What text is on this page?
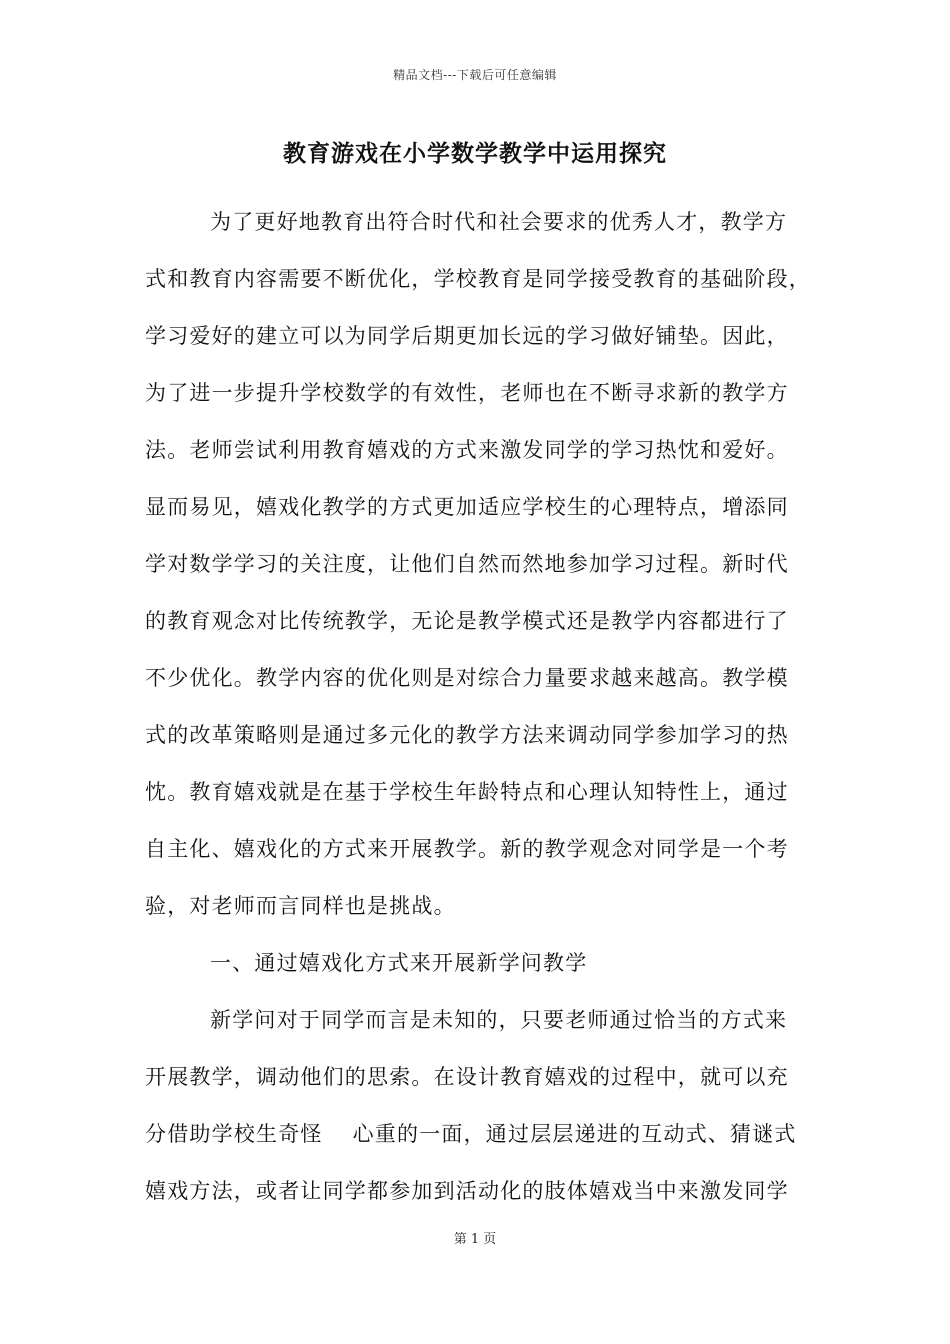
精品文档---下载后可任意编辑
教育游戏在小学数学教学中运用探究
为了更好地教育出符合时代和社会要求的优秀人才，教学方
式和教育内容需要不断优化，学校教育是同学接受教育的基础阶段，
学习爱好的建立可以为同学后期更加长远的学习做好铺垫。因此，
为了进一步提升学校数学的有效性，老师也在不断寻求新的教学方
法。老师尝试利用教育嬉戏的方式来激发同学的学习热忱和爱好。
显而易见，嬉戏化教学的方式更加适应学校生的心理特点，增添同
学对数学学习的关注度，让他们自然而然地参加学习过程。新时代
的教育观念对比传统教学，无论是教学模式还是教学内容都进行了
不少优化。教学内容的优化则是对综合力量要求越来越高。教学模
式的改革策略则是通过多元化的教学方法来调动同学参加学习的热
忱。教育嬉戏就是在基于学校生年龄特点和心理认知特性上，通过
自主化、嬉戏化的方式来开展教学。新的教学观念对同学是一个考
验，对老师而言同样也是挑战。
一、通过嬉戏化方式来开展新学问教学
新学问对于同学而言是未知的，只要老师通过恰当的方式来
开展教学，调动他们的思索。在设计教育嬉戏的过程中，就可以充
分借助学校生奇怪 心重的一面，通过层层递进的互动式、猜谜式
嬉戏方法，或者让同学都参加到活动化的肢体嬉戏当中来激发同学
第 1 页
